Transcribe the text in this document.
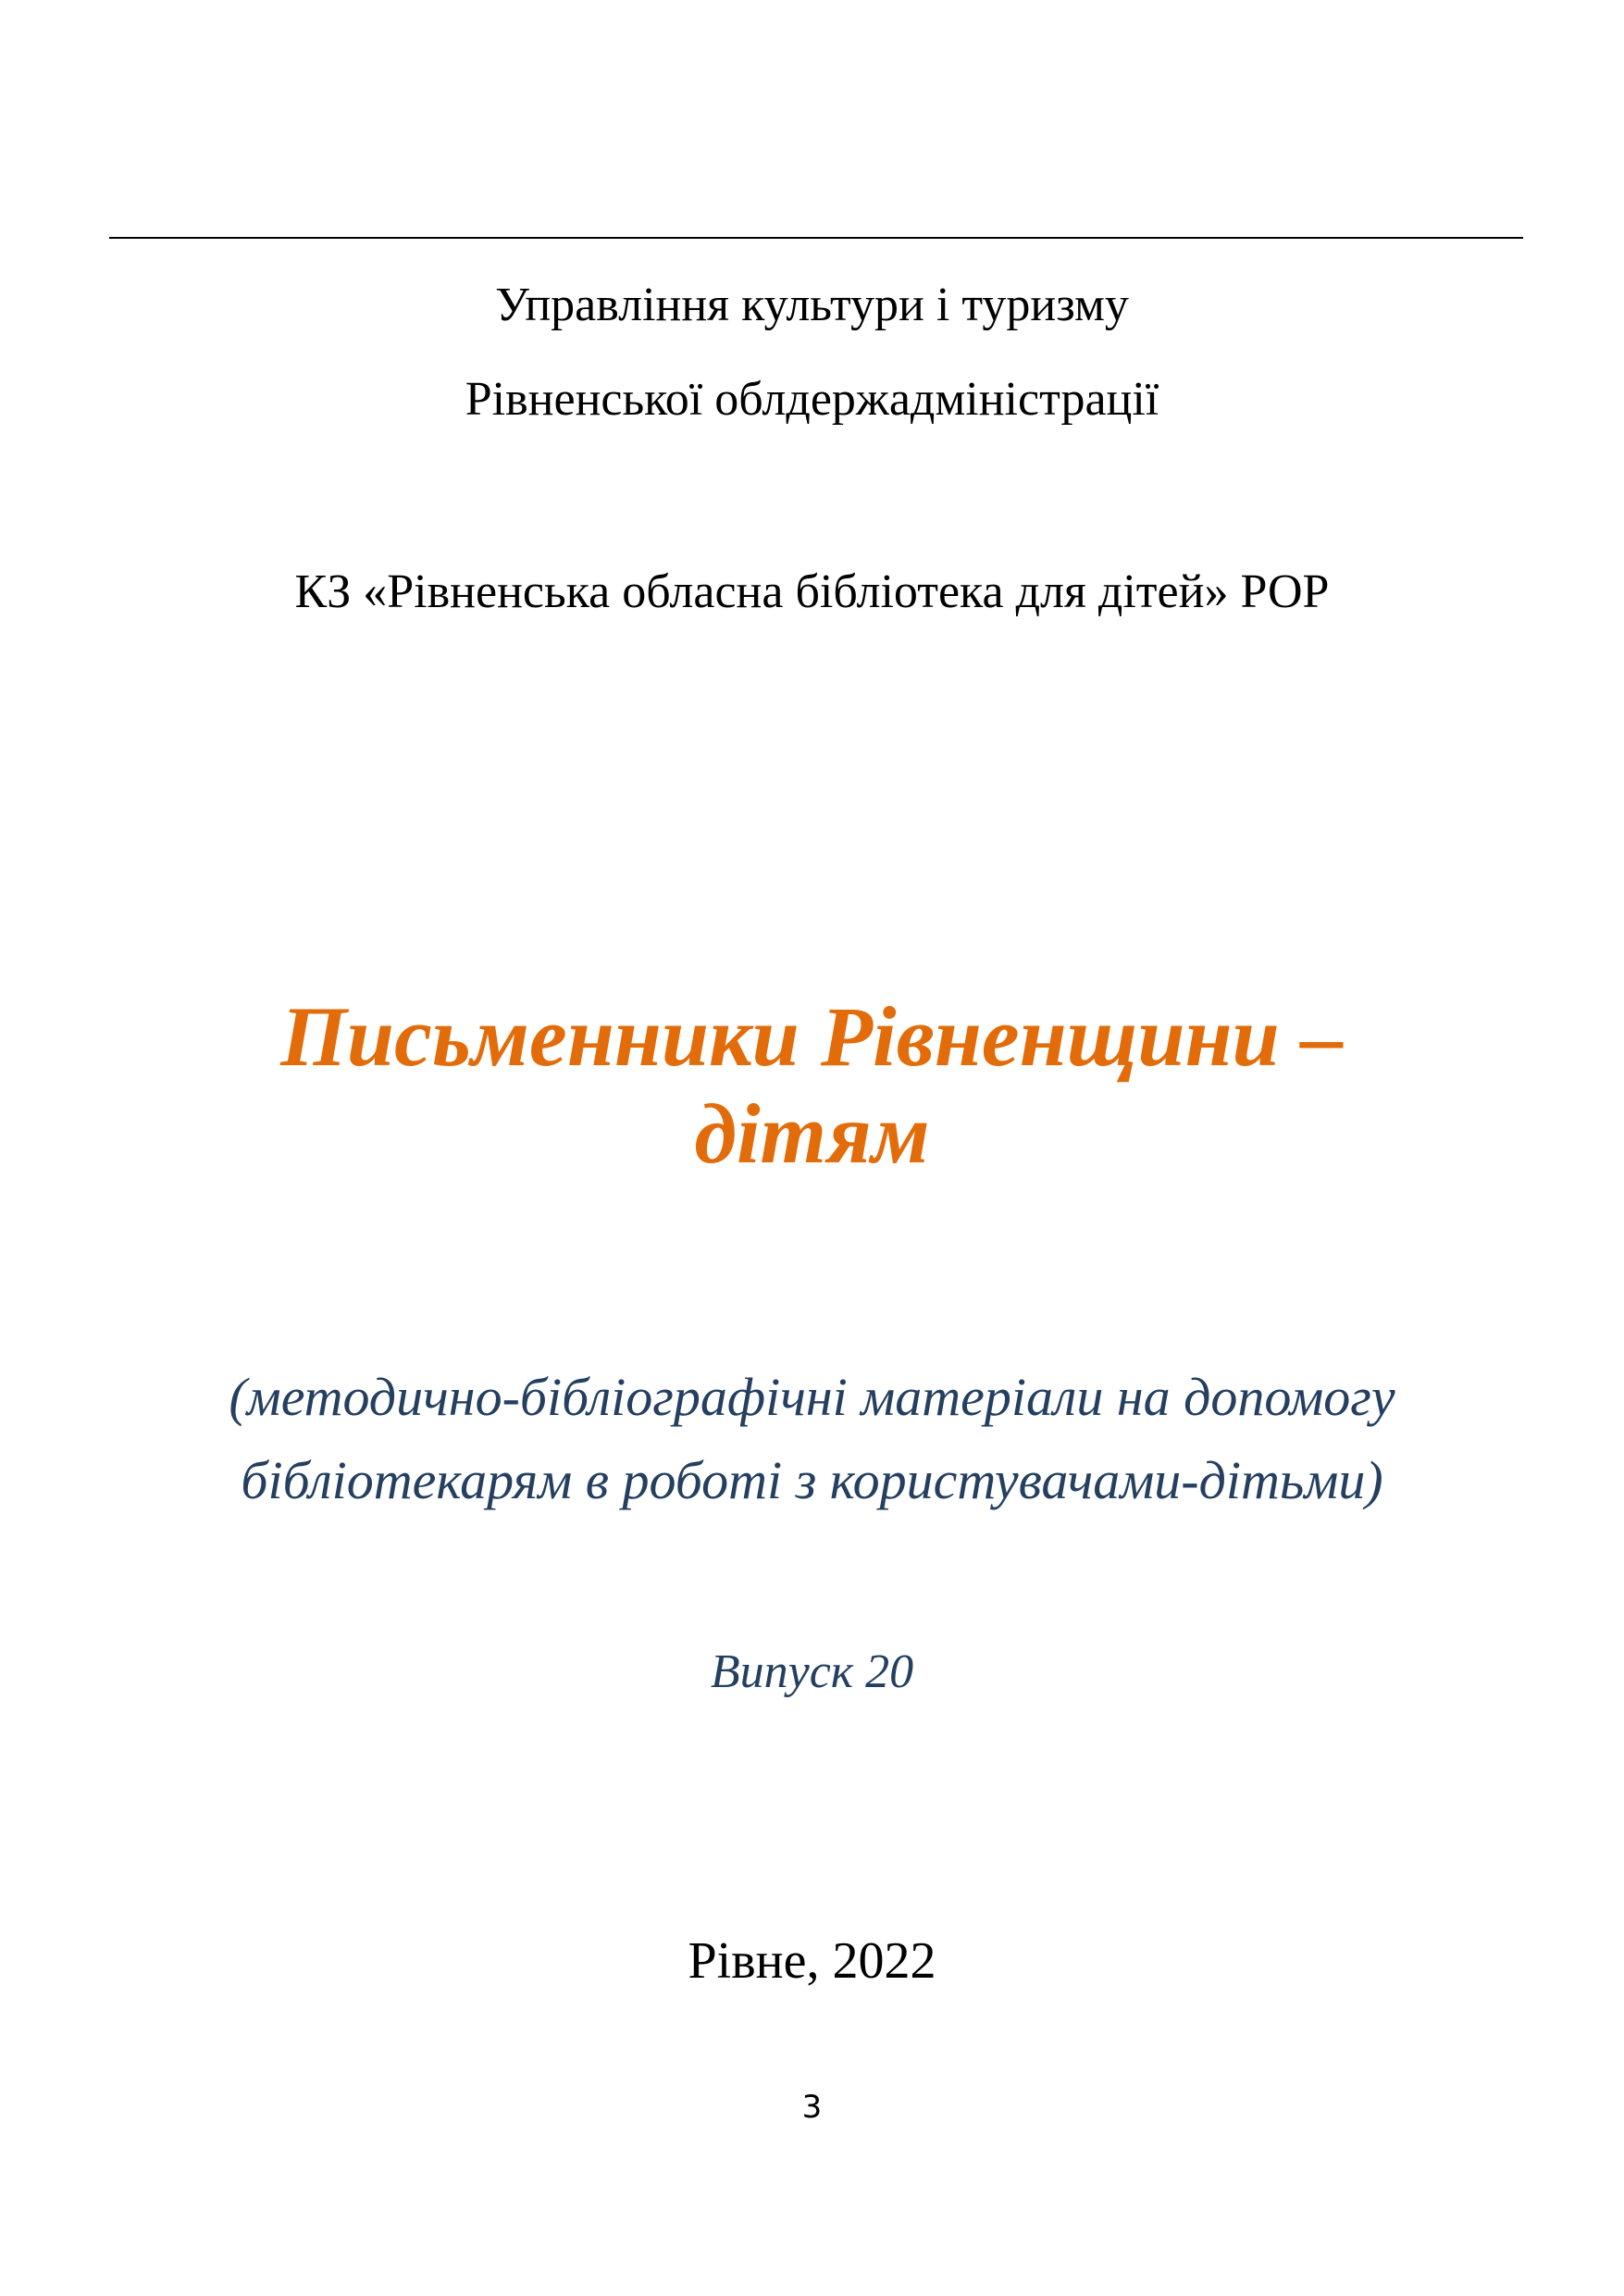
Управління культури і туризму
Рівненської облдержадміністрації
КЗ «Рівненська обласна бібліотека для дітей» РОР
Письменники Рівненщини –
дітям
(методично-бібліографічні матеріали на допомогу
бібліотекарям в роботі з користувачами-дітьми)
Випуск 20
Рівне, 2022
3
